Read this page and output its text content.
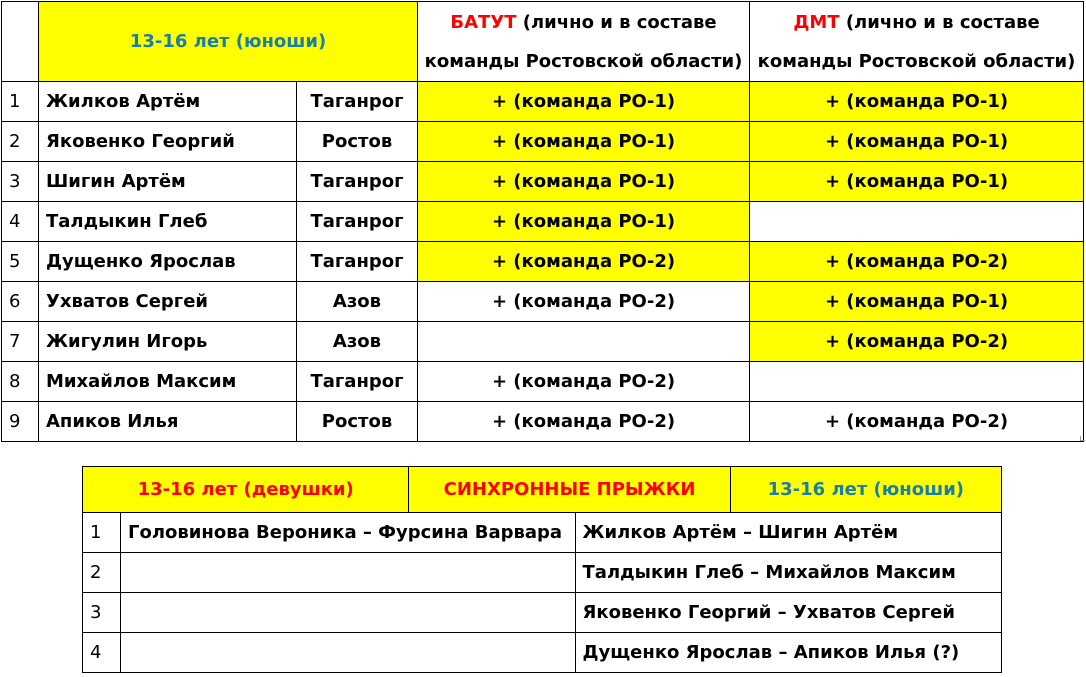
	13-16 лет (юноши)		БАТУТ (лично и в составе команды Ростовской области)	ДМТ (лично и в составе команды Ростовской области)
1	Жилков Артём	Таганрог	+ (команда РО-1)	+ (команда РО-1)
2	Яковенко Георгий	Ростов	+ (команда РО-1)	+ (команда РО-1)
3	Шигин Артём	Таганрог	+ (команда РО-1)	+ (команда РО-1)
4	Талдыкин Глеб	Таганрог	+ (команда РО-1)	
5	Дущенко Ярослав	Таганрог	+ (команда РО-2)	+ (команда РО-2)
6	Ухватов Сергей	Азов	+ (команда РО-2)	+ (команда РО-1)
7	Жигулин Игорь	Азов		+ (команда РО-2)
8	Михайлов Максим	Таганрог	+ (команда РО-2)	
9	Апиков Илья	Ростов	+ (команда РО-2)	+ (команда РО-2)
13-16 лет (девушки)		СИНХРОННЫЕ ПРЫЖКИ		13-16 лет (юноши)
1	Головинова Вероника – Фурсина Варвара		Жилков Артём – Шигин Артём	
2			Талдыкин Глеб – Михайлов Максим	
3			Яковенко Георгий – Ухватов Сергей	
4			Дущенко Ярослав – Апиков Илья (?)	
